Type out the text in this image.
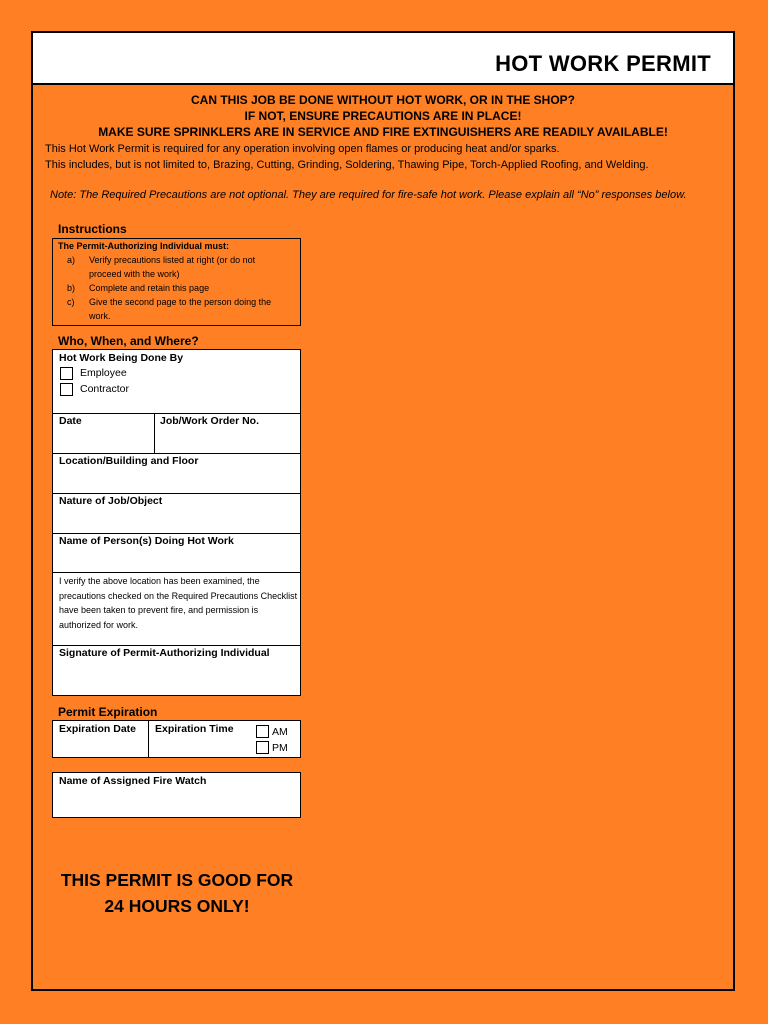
HOT WORK PERMIT
CAN THIS JOB BE DONE WITHOUT HOT WORK, OR IN THE SHOP?
IF NOT, ENSURE PRECAUTIONS ARE IN PLACE!
MAKE SURE SPRINKLERS ARE IN SERVICE AND FIRE EXTINGUISHERS ARE READILY AVAILABLE!
This Hot Work Permit is required for any operation involving open flames or producing heat and/or sparks.
This includes, but is not limited to, Brazing, Cutting, Grinding, Soldering, Thawing Pipe, Torch-Applied Roofing, and Welding.
Note: The Required Precautions are not optional. They are required for fire-safe hot work. Please explain all “No” responses below.
Instructions
The Permit-Authorizing Individual must:
a) Verify precautions listed at right (or do not proceed with the work)
b) Complete and retain this page
c) Give the second page to the person doing the work.
Who, When, and Where?
Hot Work Being Done By
Employee
Contractor
Date	Job/Work Order No.
Location/Building and Floor
Nature of Job/Object
Name of Person(s) Doing Hot Work
I verify the above location has been examined, the precautions checked on the Required Precautions Checklist have been taken to prevent fire, and permission is authorized for work.
Signature of Permit-Authorizing Individual
Permit Expiration
Expiration Date Expiration Time	AM
PM
Name of Assigned Fire Watch
THIS PERMIT IS GOOD FOR
24 HOURS ONLY!
